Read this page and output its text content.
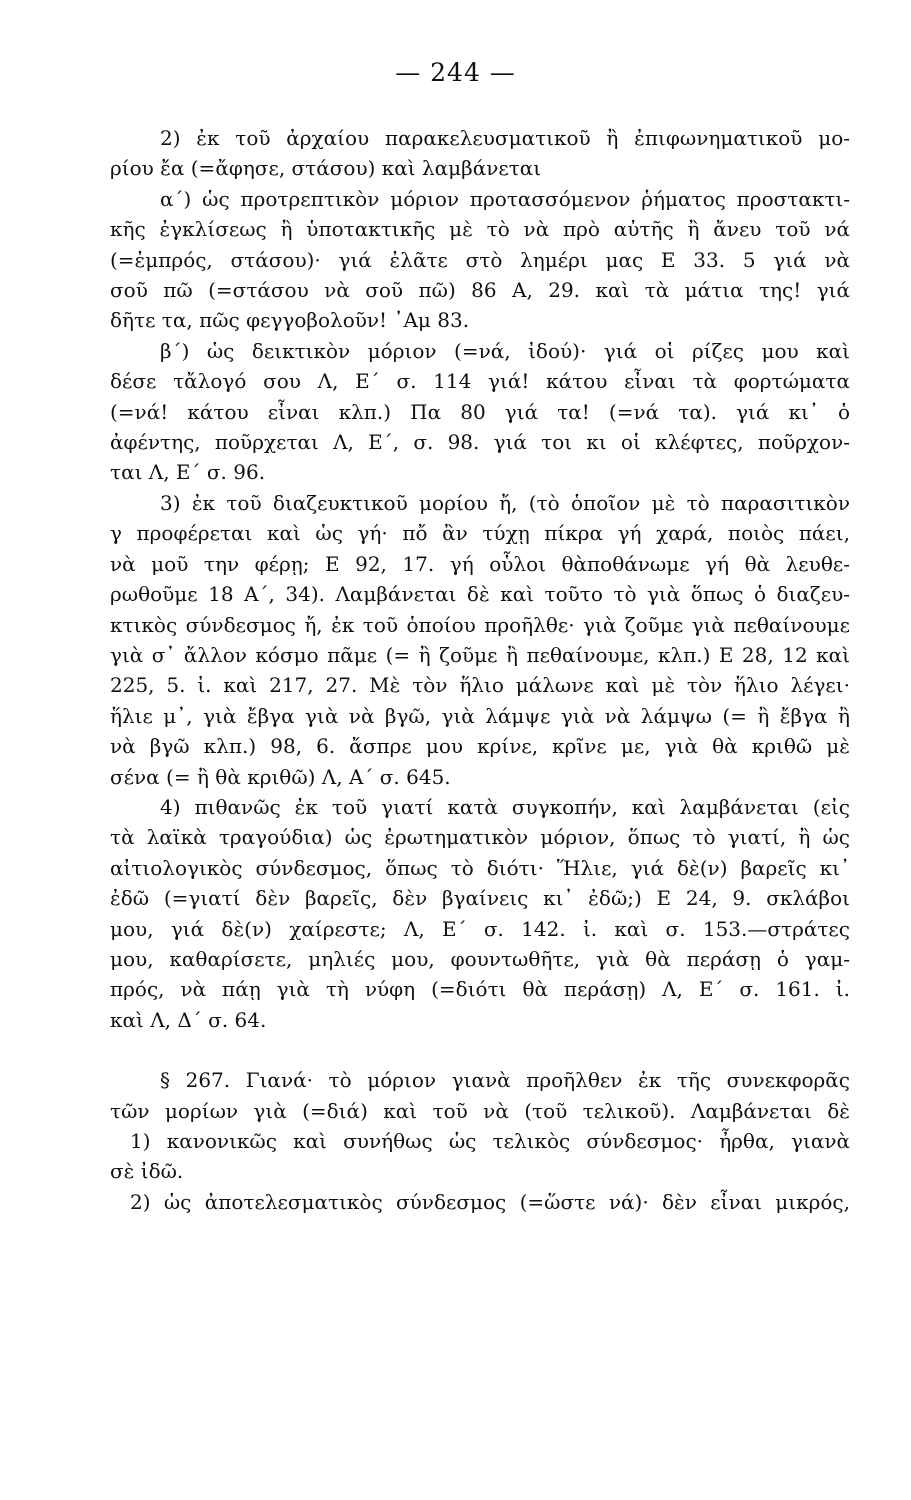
— 244 —

2) ἐκ τοῦ ἀρχαίου παρακελευσματικοῦ ἢ ἐπιφωνηματικοῦ μο-

ρίου ἔα (=ἄφησε, στάσου) καὶ λαμβάνεται

α΄) ὡς προτρεπτικὸν μόριον προτασσόμενον ῥήματος προστακτι-

κῆς ἐγκλίσεως ἢ ὑποτακτικῆς μὲ τὸ νὰ πρὸ αὐτῆς ἢ ἄνευ τοῦ νά

(=ἐμπρός, στάσου)· γιά ἐλᾶτε στὸ λημέρι μας Ε 33. 5 γιά νὰ

σοῦ πῶ (=στάσου νὰ σοῦ πῶ) 86 Α, 29. καὶ τὰ μάτια της! γιά

δῆτε τα, πῶς φεγγοβολοῦν! ᾿Αμ 83.

β΄) ὡς δεικτικὸν μόριον (=νά, ἰδού)· γιά οἱ ρίζες μου καὶ

δέσε τἄλογό σου Λ, Ε΄ σ. 114 γιά! κάτου εἶναι τὰ φορτώματα

(=νά! κάτου εἶναι κλπ.) Πα 80 γιά τα! (=νά τα). γιά κι᾿ ὁ

ἀφέντης, ποῦρχεται Λ, Ε΄, σ. 98. γιά τοι κι οἱ κλέφτες, ποῦρχον-

ται Λ, Ε΄ σ. 96.

3) ἐκ τοῦ διαζευκτικοῦ μορίου ἤ, (τὸ ὁποῖον μὲ τὸ παρασιτικὸν

γ προφέρεται καὶ ὡς γή· πὄ ἂν τύχῃ πίκρα γή χαρά, ποιὸς πάει,

νὰ μοῦ την φέρῃ; Ε 92, 17. γή οὗλοι θὰποθάνωμε γή θὰ λευθε-

ρωθοῦμε 18 Α΄, 34). Λαμβάνεται δὲ καὶ τοῦτο τὸ γιὰ ὅπως ὁ διαζευ-

κτικὸς σύνδεσμος ἤ, ἐκ τοῦ ὁποίου προῆλθε· γιὰ ζοῦμε γιὰ πεθαίνουμε

γιὰ σ᾿ ἄλλον κόσμο πᾶμε (= ἢ ζοῦμε ἢ πεθαίνουμε, κλπ.) Ε 28, 12 καὶ

225, 5. ἰ. καὶ 217, 27. Μὲ τὸν ἥλιο μάλωνε καὶ μὲ τὸν ἥλιο λέγει·

ἥλιε μ᾿, γιὰ ἔβγα γιὰ νὰ βγῶ, γιὰ λάμψε γιὰ νὰ λάμψω (= ἢ ἔβγα ἢ

νὰ βγῶ κλπ.) 98, 6. ἄσπρε μου κρίνε, κρῖνε με, γιὰ θὰ κριθῶ μὲ

σένα (= ἢ θὰ κριθῶ) Λ, Α΄ σ. 645.

4) πιθανῶς ἐκ τοῦ γιατί κατὰ συγκοπήν, καὶ λαμβάνεται (εἰς

τὰ λαϊκὰ τραγούδια) ὡς ἐρωτηματικὸν μόριον, ὅπως τὸ γιατί, ἢ ὡς

αἰτιολογικὸς σύνδεσμος, ὅπως τὸ διότι· Ἥλιε, γιά δὲ(ν) βαρεῖς κι᾿

ἐδῶ (=γιατί δὲν βαρεῖς, δὲν βγαίνεις κι᾿ ἐδῶ;) Ε 24, 9. σκλάβοι

μου, γιά δὲ(ν) χαίρεστε; Λ, Ε΄ σ. 142. ἰ. καὶ σ. 153.—στράτες

μου, καθαρίσετε, μηλιές μου, φουντωθῆτε, γιὰ θὰ περάσῃ ὁ γαμ-

πρός, νὰ πάῃ γιὰ τὴ νύφη (=διότι θὰ περάσῃ) Λ, Ε΄ σ. 161. ἰ.

καὶ Λ, Δ΄ σ. 64.

§ 267. Γιανά· τὸ μόριον γιανὰ προῆλθεν ἐκ τῆς συνεκφορᾶς

τῶν μορίων γιὰ (=διά) καὶ τοῦ νὰ (τοῦ τελικοῦ). Λαμβάνεται δὲ

1) κανονικῶς καὶ συνήθως ὡς τελικὸς σύνδεσμος· ἦρθα, γιανὰ

σὲ ἰδῶ.

2) ὡς ἀποτελεσματικὸς σύνδεσμος (=ὥστε νά)· δὲν εἶναι μικρός,
